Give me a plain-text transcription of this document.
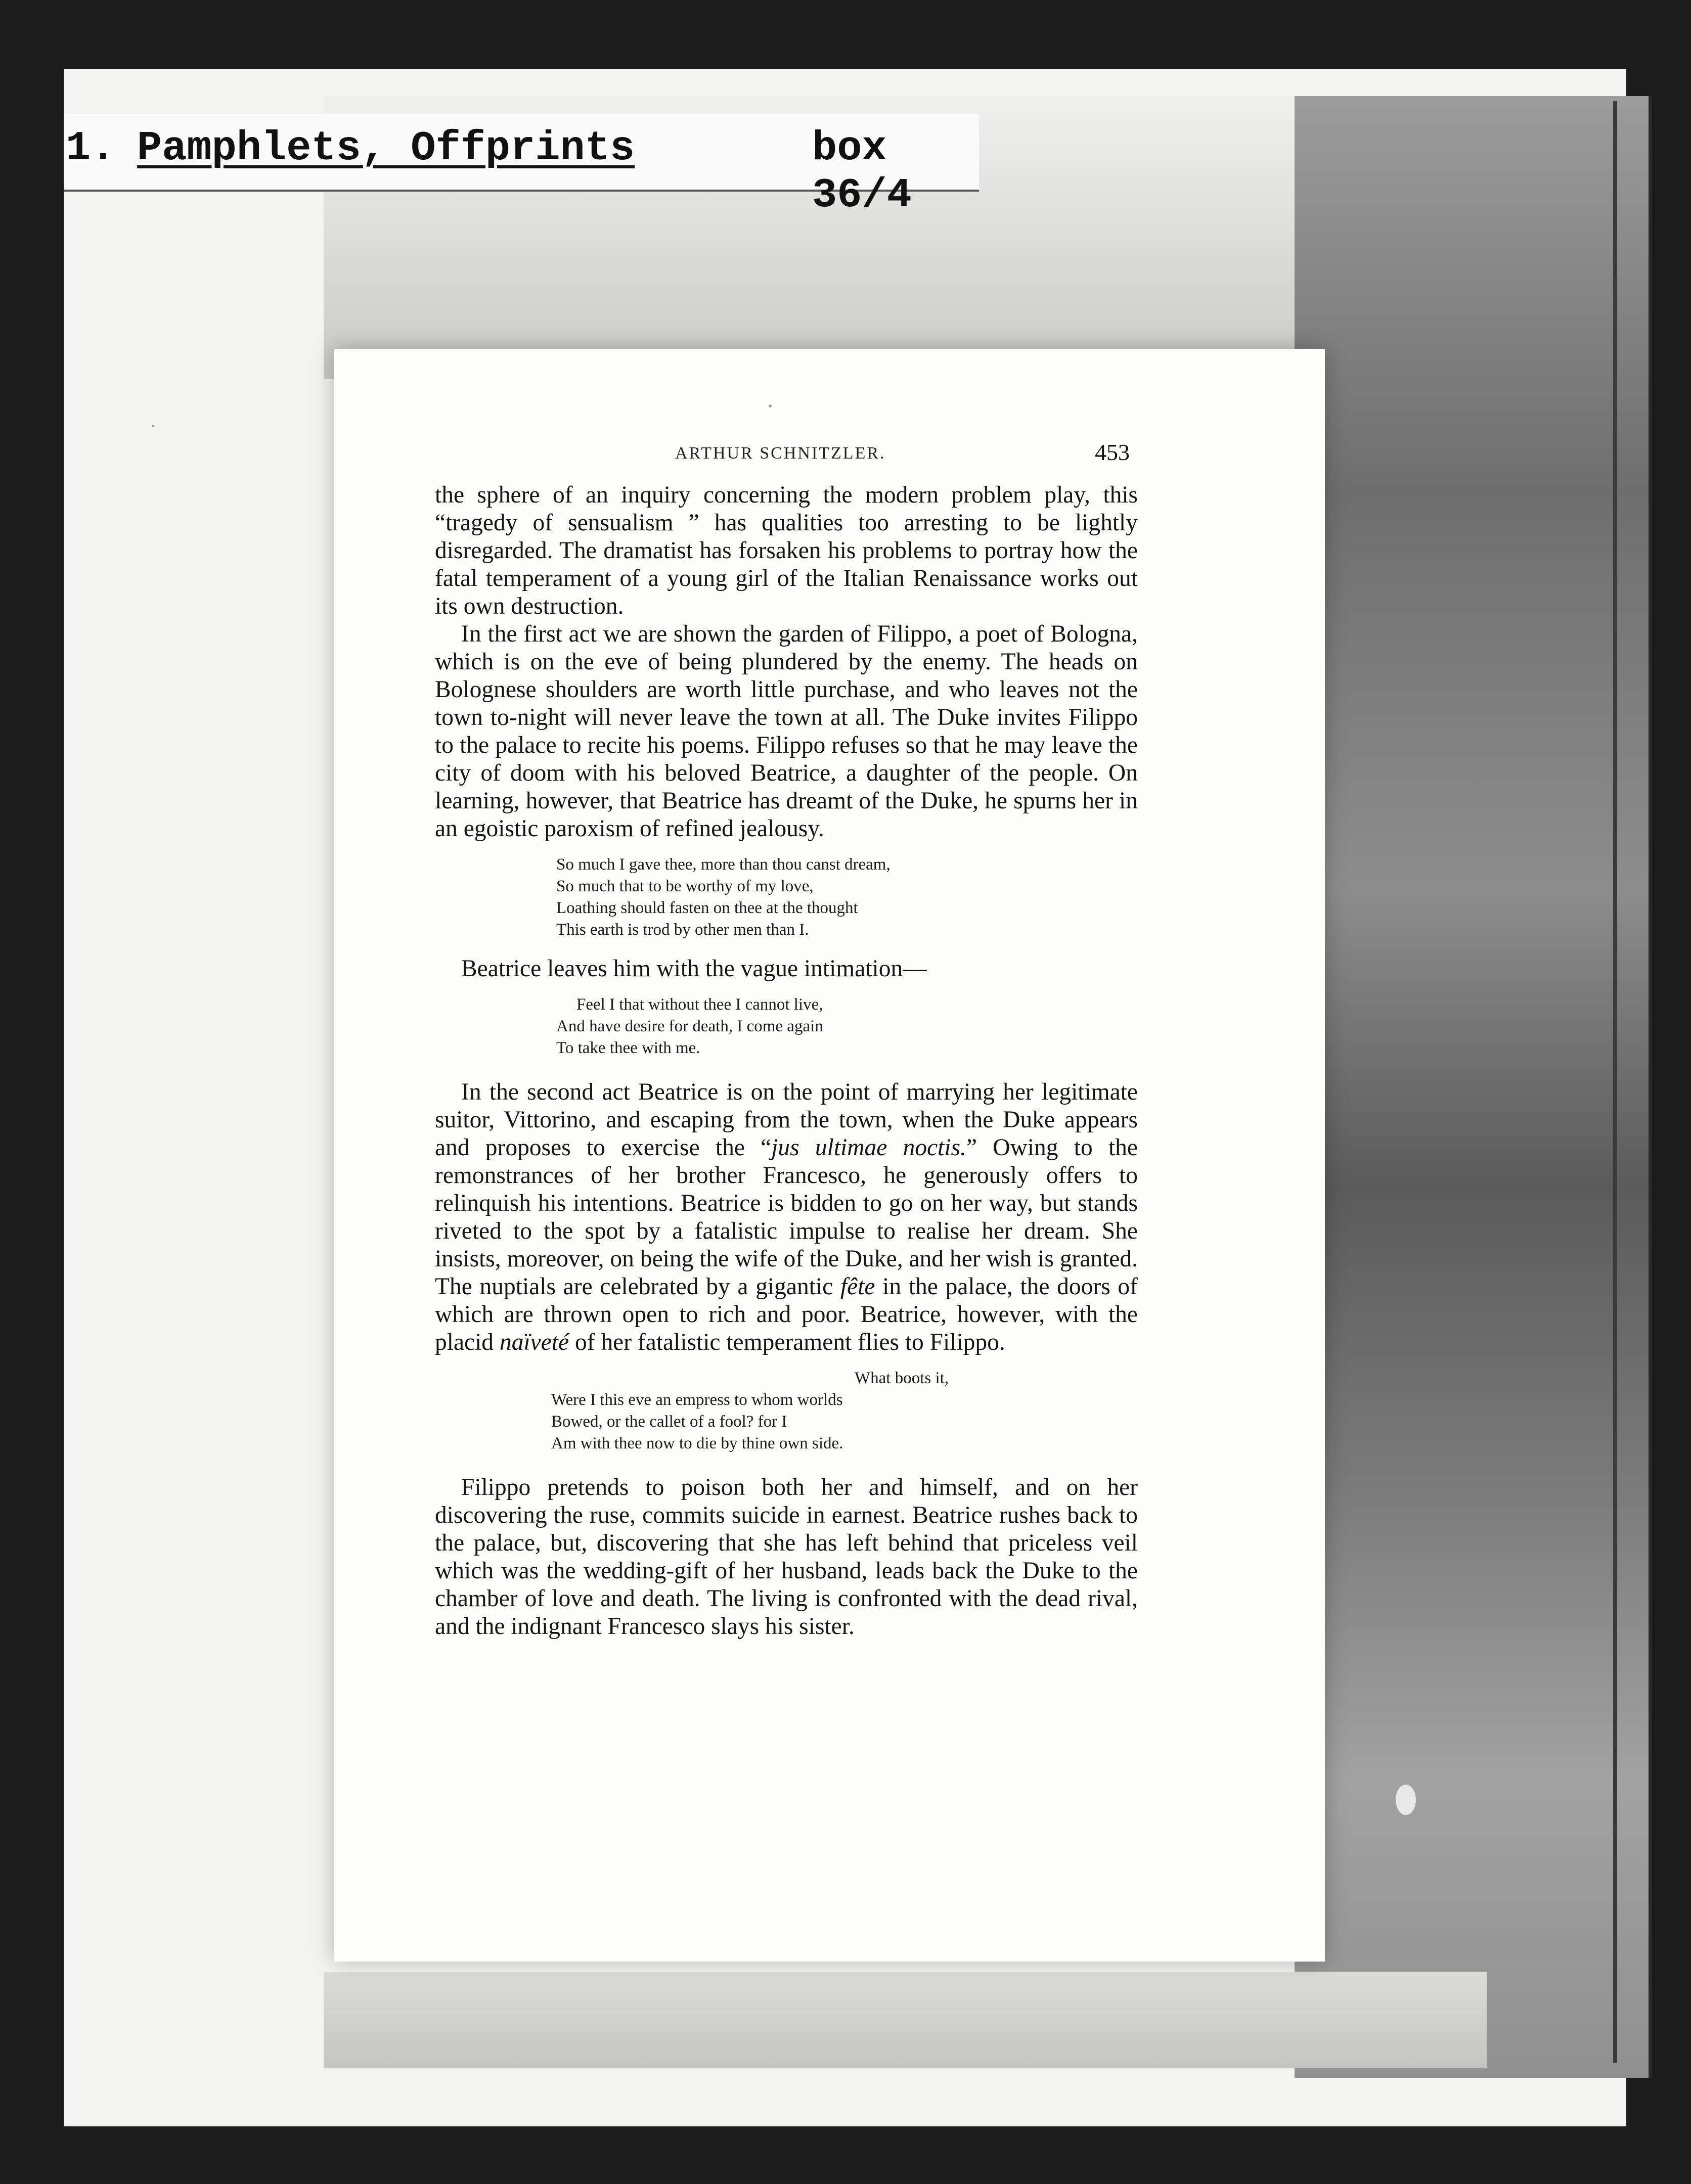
1. Pamphlets, Offprints	box 36/4
ARTHUR SCHNITZLER.	453

the sphere of an inquiry concerning the modern problem play, this “tragedy of sensualism ” has qualities too arresting to be lightly disregarded. The dramatist has forsaken his problems to portray how the fatal temperament of a young girl of the Italian Renaissance works out its own destruction.

In the first act we are shown the garden of Filippo, a poet of Bologna, which is on the eve of being plundered by the enemy. The heads on Bolognese shoulders are worth little purchase, and who leaves not the town to-night will never leave the town at all. The Duke invites Filippo to the palace to recite his poems. Filippo refuses so that he may leave the city of doom with his beloved Beatrice, a daughter of the people. On learning, however, that Beatrice has dreamt of the Duke, he spurns her in an egoistic paroxism of refined jealousy.

So much I gave thee, more than thou canst dream,
So much that to be worthy of my love,
Loathing should fasten on thee at the thought
This earth is trod by other men than I.

Beatrice leaves him with the vague intimation—

Feel I that without thee I cannot live,
And have desire for death, I come again
To take thee with me.

In the second act Beatrice is on the point of marrying her legitimate suitor, Vittorino, and escaping from the town, when the Duke appears and proposes to exercise the “jus ultimae noctis.” Owing to the remonstrances of her brother Francesco, he generously offers to relinquish his intentions. Beatrice is bidden to go on her way, but stands riveted to the spot by a fatalistic impulse to realise her dream. She insists, moreover, on being the wife of the Duke, and her wish is granted. The nuptials are celebrated by a gigantic fête in the palace, the doors of which are thrown open to rich and poor. Beatrice, however, with the placid naïveté of her fatalistic temperament flies to Filippo.

What boots it,
Were I this eve an empress to whom worlds
Bowed, or the callet of a fool? for I
Am with thee now to die by thine own side.

Filippo pretends to poison both her and himself, and on her discovering the ruse, commits suicide in earnest. Beatrice rushes back to the palace, but, discovering that she has left behind that priceless veil which was the wedding-gift of her husband, leads back the Duke to the chamber of love and death. The living is confronted with the dead rival, and the indignant Francesco slays his sister.
